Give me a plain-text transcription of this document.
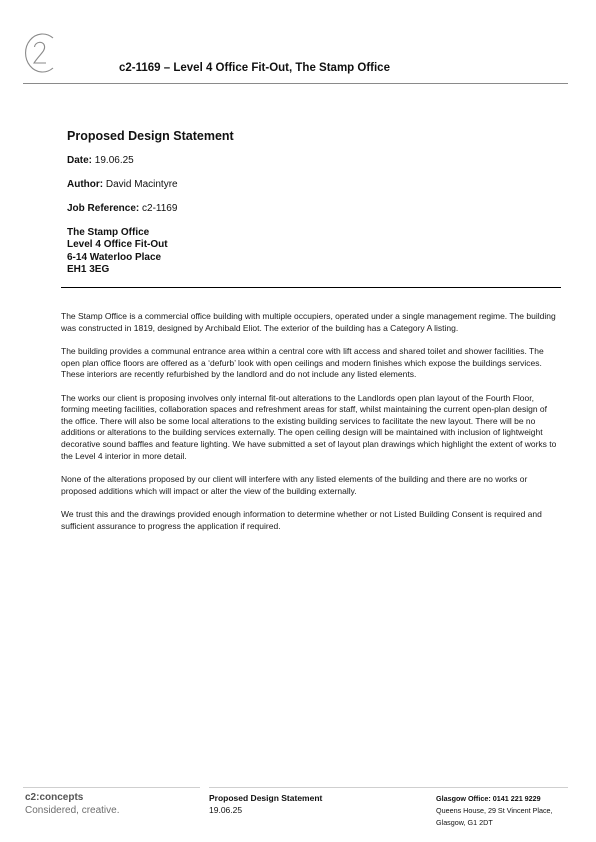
c2-1169 – Level 4 Office Fit-Out, The Stamp Office
Proposed Design Statement
Date: 19.06.25
Author: David Macintyre
Job Reference: c2-1169
The Stamp Office
Level 4 Office Fit-Out
6-14 Waterloo Place
EH1 3EG

The Stamp Office is a commercial office building with multiple occupiers, operated under a single management regime. The building was constructed in 1819, designed by Archibald Eliot. The exterior of the building has a Category A listing.

The building provides a communal entrance area within a central core with lift access and shared toilet and shower facilities. The open plan office floors are offered as a ‘defurb’ look with open ceilings and modern finishes which expose the buildings services. These interiors are recently refurbished by the landlord and do not include any listed elements.

The works our client is proposing involves only internal fit-out alterations to the Landlords open plan layout of the Fourth Floor, forming meeting facilities, collaboration spaces and refreshment areas for staff, whilst maintaining the current open-plan design of the office. There will also be some local alterations to the existing building services to facilitate the new layout. There will be no additions or alterations to the building services externally. The open ceiling design will be maintained with inclusion of lightweight decorative sound baffles and feature lighting. We have submitted a set of layout plan drawings which highlight the extent of works to the Level 4 interior in more detail.

None of the alterations proposed by our client will interfere with any listed elements of the building and there are no works or proposed additions which will impact or alter the view of the building externally.

We trust this and the drawings provided enough information to determine whether or not Listed Building Consent is required and sufficient assurance to progress the application if required.

c2:concepts
Considered, creative.
Proposed Design Statement
19.06.25
Glasgow Office: 0141 221 9229
Queens House, 29 St Vincent Place,
Glasgow, G1 2DT
